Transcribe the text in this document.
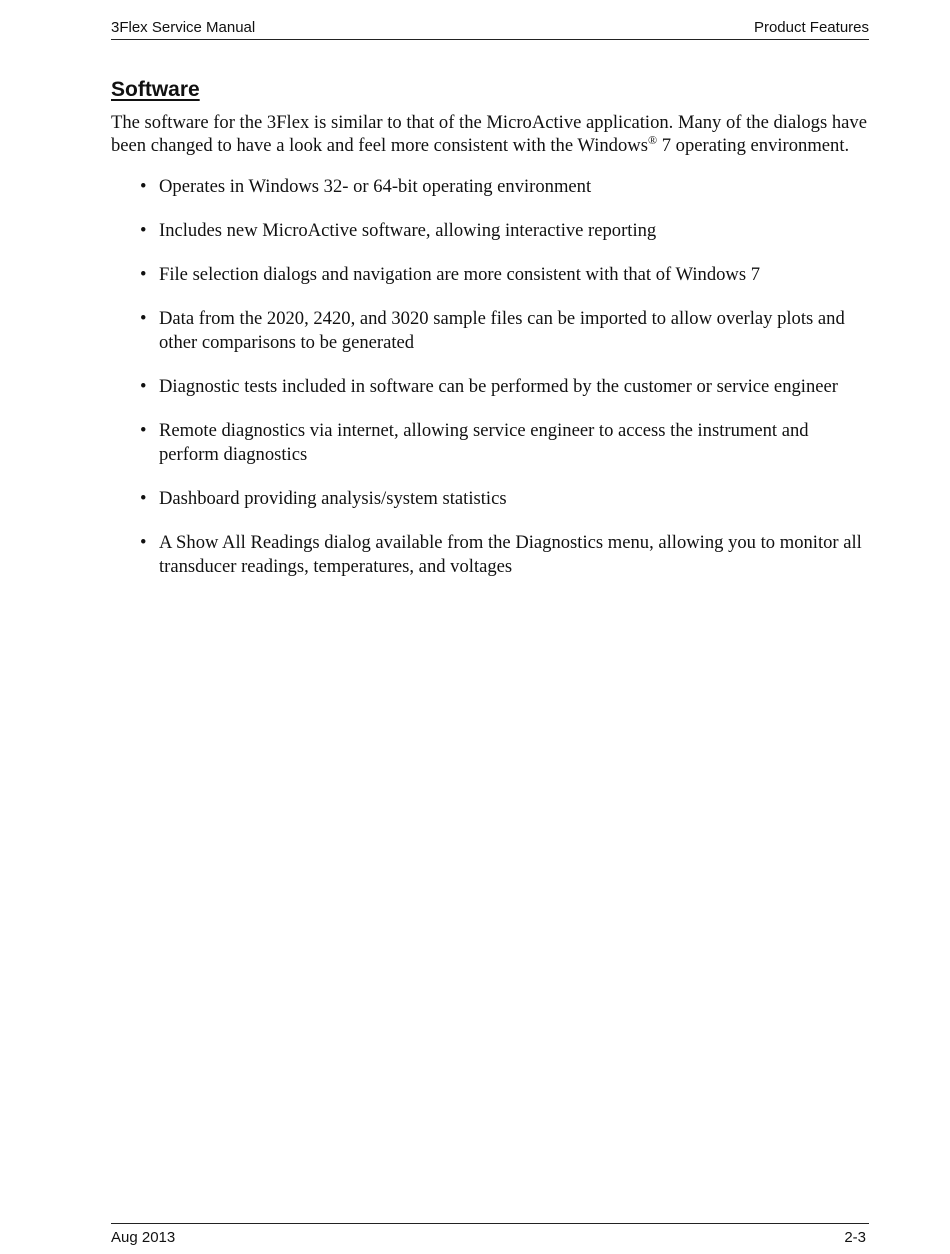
3Flex Service Manual	Product Features
Software

The software for the 3Flex is similar to that of the MicroActive application. Many of the dialogs have been changed to have a look and feel more consistent with the Windows® 7 operating environment.

• Operates in Windows 32- or 64-bit operating environment
• Includes new MicroActive software, allowing interactive reporting
• File selection dialogs and navigation are more consistent with that of Windows 7
• Data from the 2020, 2420, and 3020 sample files can be imported to allow overlay plots and other comparisons to be generated
• Diagnostic tests included in software can be performed by the customer or service engineer
• Remote diagnostics via internet, allowing service engineer to access the instrument and perform diagnostics
• Dashboard providing analysis/system statistics
• A Show All Readings dialog available from the Diagnostics menu, allowing you to monitor all transducer readings, temperatures, and voltages
Aug 2013	2-3
